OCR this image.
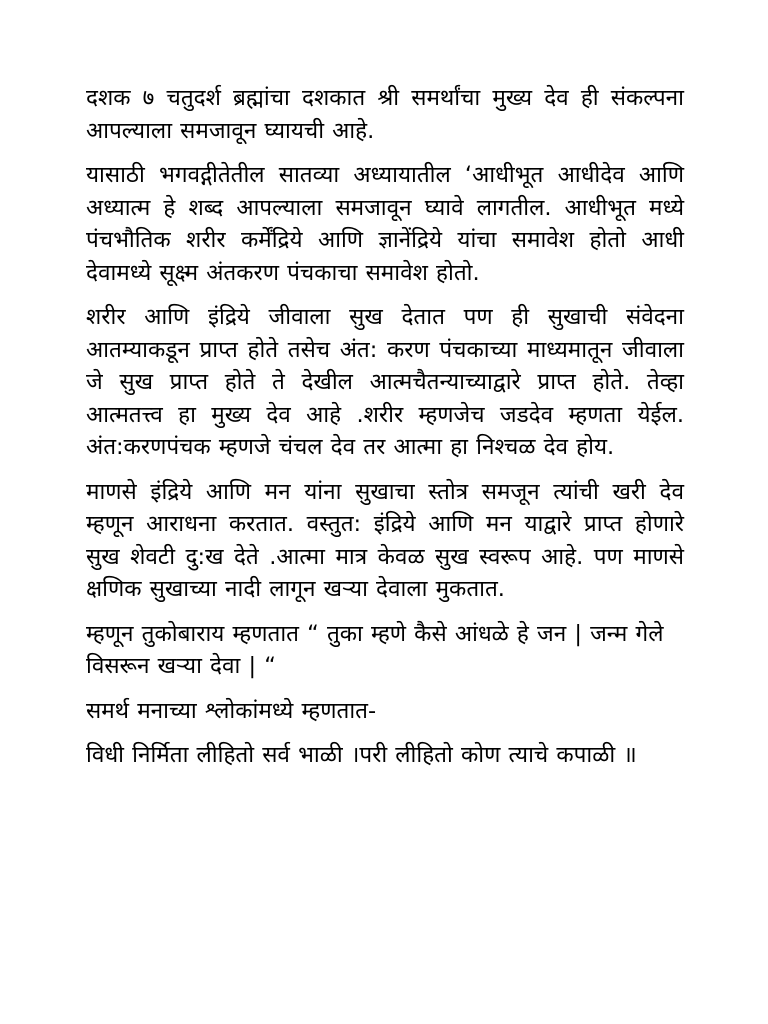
दशक ७ चतुदर्श ब्रह्मांचा दशकात श्री समर्थांचा मुख्य देव ही संकल्पना आपल्याला समजावून घ्यायची आहे.

यासाठी भगवद्गीतेतील सातव्या अध्यायातील ‘आधीभूत आधीदेव आणि अध्यात्म हे शब्द आपल्याला समजावून घ्यावे लागतील. आधीभूत मध्ये पंचभौतिक शरीर कर्मेंद्रिये आणि ज्ञानेंद्रिये यांचा समावेश होतो आधी देवामध्ये सूक्ष्म अंतकरण पंचकाचा समावेश होतो.

शरीर आणि इंद्रिये जीवाला सुख देतात पण ही सुखाची संवेदना आतम्याकडून प्राप्त होते तसेच अंत: करण पंचकाच्या माध्यमातून जीवाला जे सुख प्राप्त होते ते देखील आत्मचैतन्याच्याद्वारे प्राप्त होते. तेव्हा आत्मतत्त्व हा मुख्य देव आहे .शरीर म्हणजेच जडदेव म्हणता येईल. अंत:करणपंचक म्हणजे चंचल देव तर आत्मा हा निश्चळ देव होय.

माणसे इंद्रिये आणि मन यांना सुखाचा स्तोत्र समजून त्यांची खरी देव म्हणून आराधना करतात. वस्तुत: इंद्रिये आणि मन याद्वारे प्राप्त होणारे सुख शेवटी दु:ख देते .आत्मा मात्र केवळ सुख स्वरूप आहे. पण माणसे क्षणिक सुखाच्या नादी लागून खऱ्या देवाला मुकतात.

म्हणून तुकोबाराय म्हणतात “ तुका म्हणे कैसे आंधळे हे जन | जन्म गेले विसरून खऱ्या देवा | “

समर्थ मनाच्या श्लोकांमध्ये म्हणतात-

विधी निर्मिता लीहितो सर्व भाळी ।परी लीहितो कोण त्याचे कपाळी ॥
